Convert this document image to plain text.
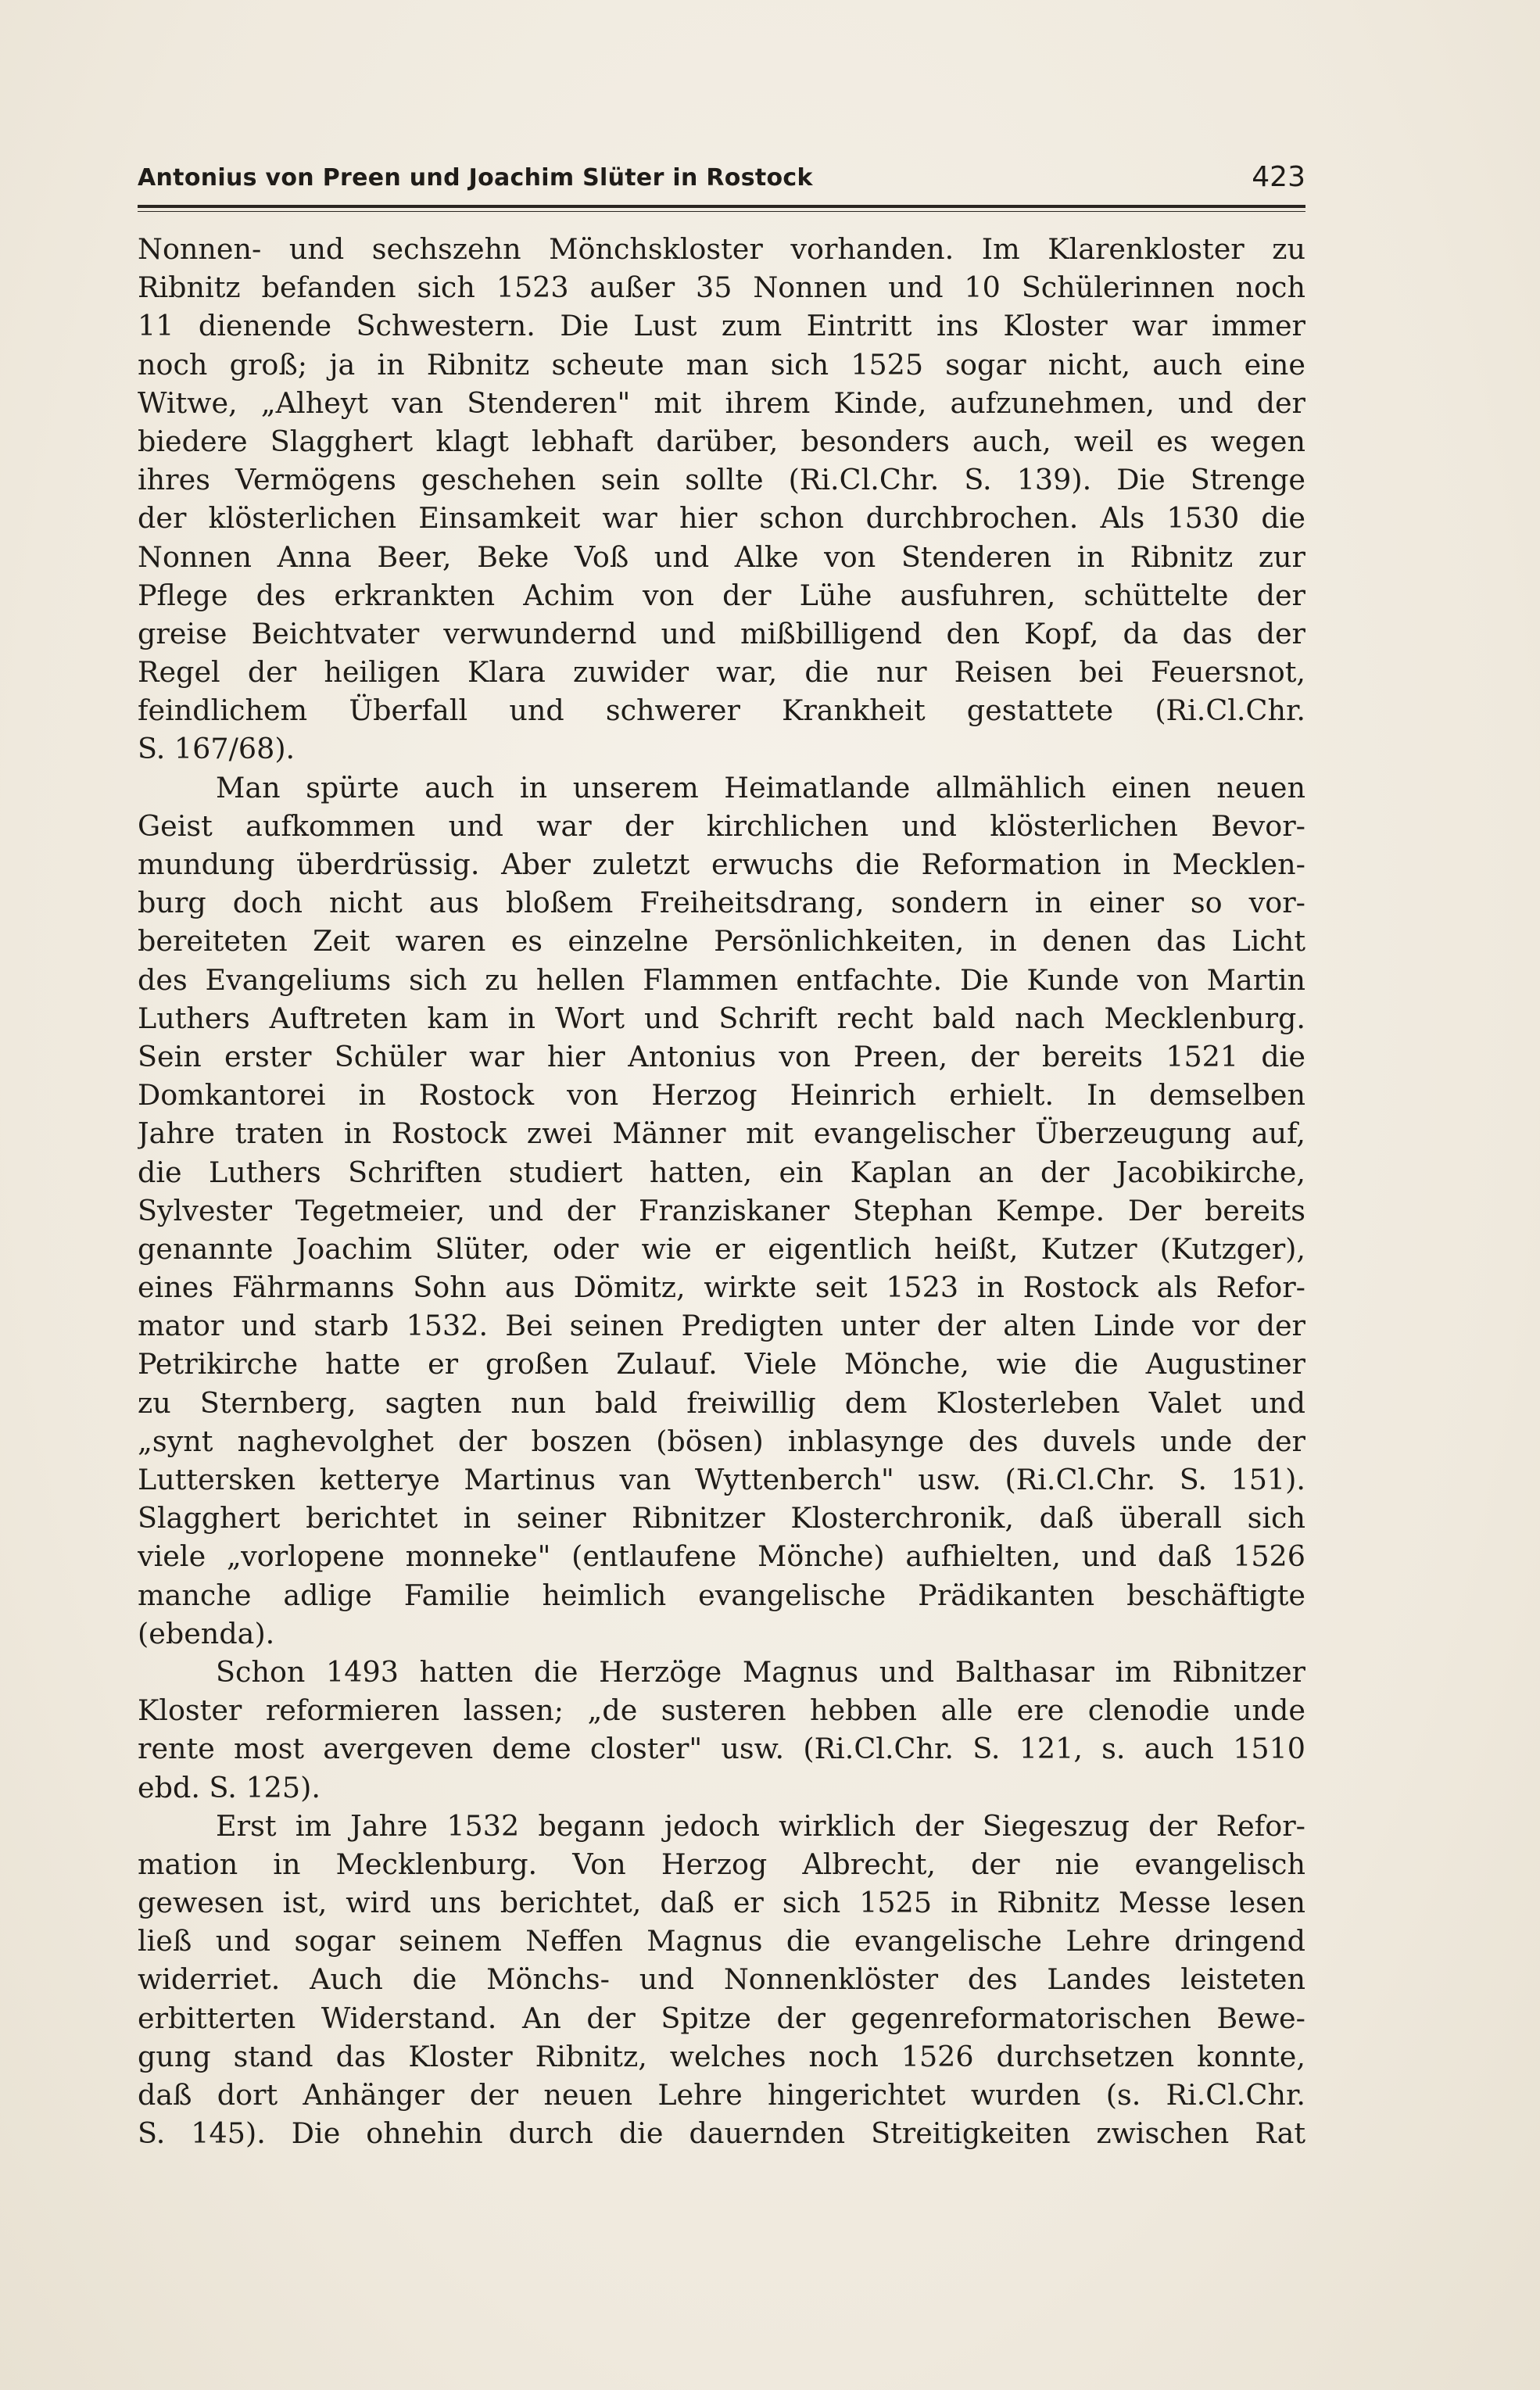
Antonius von Preen und Joachim Slüter in Rostock	423
Nonnen- und sechszehn Mönchskloster vorhanden. Im Klarenkloster zu
Ribnitz befanden sich 1523 außer 35 Nonnen und 10 Schülerinnen noch
11 dienende Schwestern. Die Lust zum Eintritt ins Kloster war immer
noch groß; ja in Ribnitz scheute man sich 1525 sogar nicht, auch eine
Witwe, „Alheyt van Stenderen" mit ihrem Kinde, aufzunehmen, und der
biedere Slagghert klagt lebhaft darüber, besonders auch, weil es wegen
ihres Vermögens geschehen sein sollte (Ri.Cl.Chr. S. 139). Die Strenge
der klösterlichen Einsamkeit war hier schon durchbrochen. Als 1530 die
Nonnen Anna Beer, Beke Voß und Alke von Stenderen in Ribnitz zur
Pflege des erkrankten Achim von der Lühe ausfuhren, schüttelte der
greise Beichtvater verwundernd und mißbilligend den Kopf, da das der
Regel der heiligen Klara zuwider war, die nur Reisen bei Feuersnot,
feindlichem Überfall und schwerer Krankheit gestattete (Ri.Cl.Chr.
S. 167/68).
Man spürte auch in unserem Heimatlande allmählich einen neuen
Geist aufkommen und war der kirchlichen und klösterlichen Bevor-
mundung überdrüssig. Aber zuletzt erwuchs die Reformation in Mecklen-
burg doch nicht aus bloßem Freiheitsdrang, sondern in einer so vor-
bereiteten Zeit waren es einzelne Persönlichkeiten, in denen das Licht
des Evangeliums sich zu hellen Flammen entfachte. Die Kunde von Martin
Luthers Auftreten kam in Wort und Schrift recht bald nach Mecklenburg.
Sein erster Schüler war hier Antonius von Preen, der bereits 1521 die
Domkantorei in Rostock von Herzog Heinrich erhielt. In demselben
Jahre traten in Rostock zwei Männer mit evangelischer Überzeugung auf,
die Luthers Schriften studiert hatten, ein Kaplan an der Jacobikirche,
Sylvester Tegetmeier, und der Franziskaner Stephan Kempe. Der bereits
genannte Joachim Slüter, oder wie er eigentlich heißt, Kutzer (Kutzger),
eines Fährmanns Sohn aus Dömitz, wirkte seit 1523 in Rostock als Refor-
mator und starb 1532. Bei seinen Predigten unter der alten Linde vor der
Petrikirche hatte er großen Zulauf. Viele Mönche, wie die Augustiner
zu Sternberg, sagten nun bald freiwillig dem Klosterleben Valet und
„synt naghevolghet der boszen (bösen) inblasynge des duvels unde der
Luttersken ketterye Martinus van Wyttenberch" usw. (Ri.Cl.Chr. S. 151).
Slagghert berichtet in seiner Ribnitzer Klosterchronik, daß überall sich
viele „vorlopene monneke" (entlaufene Mönche) aufhielten, und daß 1526
manche adlige Familie heimlich evangelische Prädikanten beschäftigte
(ebenda).
Schon 1493 hatten die Herzöge Magnus und Balthasar im Ribnitzer
Kloster reformieren lassen; „de susteren hebben alle ere clenodie unde
rente most avergeven deme closter" usw. (Ri.Cl.Chr. S. 121, s. auch 1510
ebd. S. 125).
Erst im Jahre 1532 begann jedoch wirklich der Siegeszug der Refor-
mation in Mecklenburg. Von Herzog Albrecht, der nie evangelisch
gewesen ist, wird uns berichtet, daß er sich 1525 in Ribnitz Messe lesen
ließ und sogar seinem Neffen Magnus die evangelische Lehre dringend
widerriet. Auch die Mönchs- und Nonnenklöster des Landes leisteten
erbitterten Widerstand. An der Spitze der gegenreformatorischen Bewe-
gung stand das Kloster Ribnitz, welches noch 1526 durchsetzen konnte,
daß dort Anhänger der neuen Lehre hingerichtet wurden (s. Ri.Cl.Chr.
S. 145). Die ohnehin durch die dauernden Streitigkeiten zwischen Rat
